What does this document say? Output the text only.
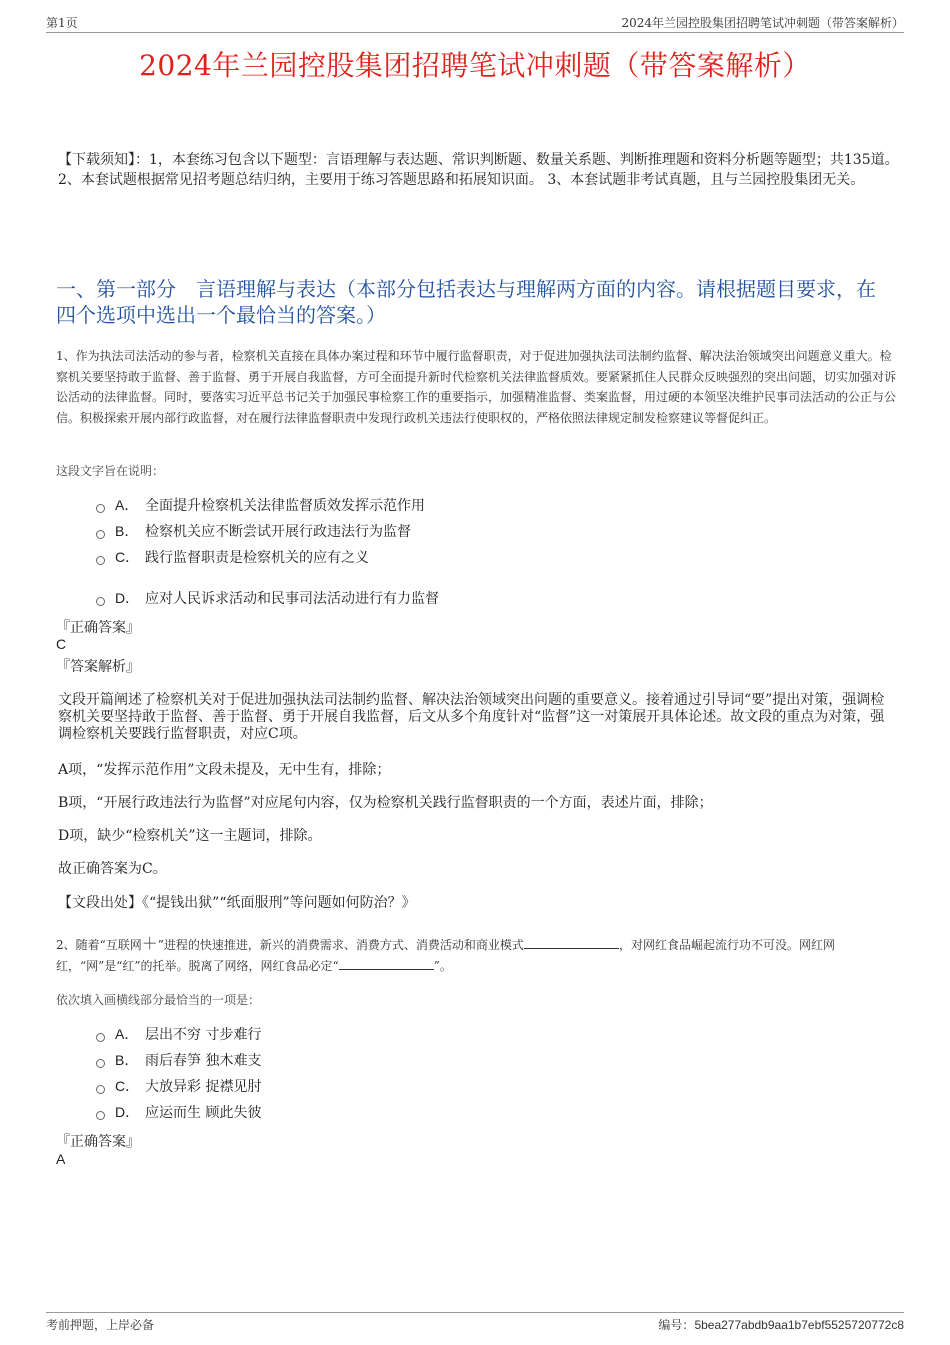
第1页	2024年兰园控股集团招聘笔试冲刺题（带答案解析）
2024年兰园控股集团招聘笔试冲刺题（带答案解析）
【下载须知】：1，本套练习包含以下题型：言语理解与表达题、常识判断题、数量关系题、判断推理题和资料分析题等题型；共135道。 2、本套试题根据常见招考题总结归纳，主要用于练习答题思路和拓展知识面。 3、本套试题非考试真题，且与兰园控股集团无关。
一、第一部分　言语理解与表达（本部分包括表达与理解两方面的内容。请根据题目要求，在四个选项中选出一个最恰当的答案。）
1、作为执法司法活动的参与者，检察机关直接在具体办案过程和环节中履行监督职责，对于促进加强执法司法制约监督、解决法治领域突出问题意义重大。检察机关要坚持敢于监督、善于监督、勇于开展自我监督，方可全面提升新时代检察机关法律监督质效。要紧紧抓住人民群众反映强烈的突出问题，切实加强对诉讼活动的法律监督。同时，要落实习近平总书记关于加强民事检察工作的重要指示，加强精准监督、类案监督，用过硬的本领坚决维护民事司法活动的公正与公信。积极探索开展内部行政监督，对在履行法律监督职责中发现行政机关违法行使职权的，严格依照法律规定制发检察建议等督促纠正。
这段文字旨在说明：
A． 全面提升检察机关法律监督质效发挥示范作用
B． 检察机关应不断尝试开展行政违法行为监督
C． 践行监督职责是检察机关的应有之义
D． 应对人民诉求活动和民事司法活动进行有力监督
『正确答案』
C
『答案解析』
文段开篇阐述了检察机关对于促进加强执法司法制约监督、解决法治领域突出问题的重要意义。接着通过引导词“要”提出对策，强调检察机关要坚持敢于监督、善于监督、勇于开展自我监督，后文从多个角度针对“监督”这一对策展开具体论述。故文段的重点为对策，强调检察机关要践行监督职责，对应C项。
A项，“发挥示范作用”文段未提及，无中生有，排除；
B项，“开展行政违法行为监督”对应尾句内容，仅为检察机关践行监督职责的一个方面，表述片面，排除；
D项，缺少“检察机关”这一主题词，排除。
故正确答案为C。
【文段出处】《“提钱出狱”“纸面服刑”等问题如何防治？》
2、随着“互联网＋”进程的快速推进，新兴的消费需求、消费方式、消费活动和商业模式	，对网红食品崛起流行功不可没。网红网红，“网”是“红”的托举。脱离了网络，网红食品必定“	”。
依次填入画横线部分最恰当的一项是：
A． 层出不穷 寸步难行
B． 雨后春笋 独木难支
C． 大放异彩 捉襟见肘
D． 应运而生 顾此失彼
『正确答案』
A
考前押题，上岸必备	编号：5bea277abdb9aa1b7ebf5525720772c8
